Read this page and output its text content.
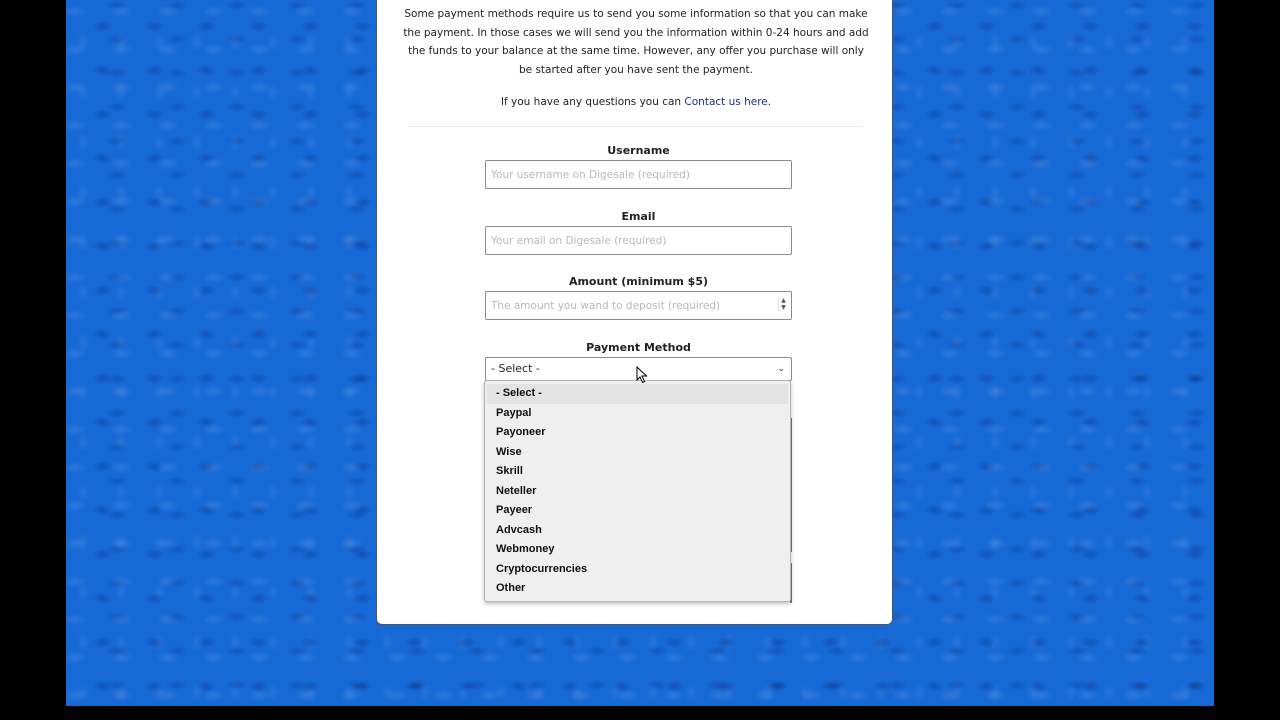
Some payment methods require us to send you some information so that you can make the payment. In those cases we will send you the information within 0-24 hours and add the funds to your balance at the same time. However, any offer you purchase will only be started after you have sent the payment.

If you have any questions you can Contact us here.

Username
Your username on Digesale (required)
Email
Your email on Digesale (required)
Amount (minimum $5)
The amount you wand to deposit (required)
▲
▼
Payment Method
- Select -	⌄
- Select -
Paypal
Payoneer
Wise
Skrill
Neteller
Payeer
Advcash
Webmoney
Cryptocurrencies
Other
